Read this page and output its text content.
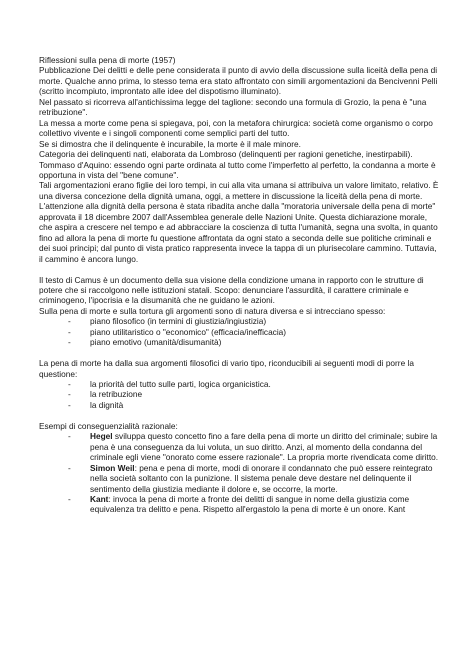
Riflessioni sulla pena di morte (1957)

Pubblicazione Dei delitti e delle pene considerata il punto di avvio della discussione sulla liceità della pena di morte. Qualche anno prima, lo stesso tema era stato affrontato con simili argomentazioni da Bencivenni Pelli (scritto incompiuto, improntato alle idee del dispotismo illuminato).

Nel passato si ricorreva all'antichissima legge del taglione: secondo una formula di Grozio, la pena è "una retribuzione".

La messa a morte come pena si spiegava, poi, con la metafora chirurgica: società come organismo o corpo collettivo vivente e i singoli componenti come semplici parti del tutto.

Se si dimostra che il delinquente è incurabile, la morte è il male minore.

Categoria dei delinquenti nati, elaborata da Lombroso (delinquenti per ragioni genetiche, inestirpabili).

Tommaso d'Aquino: essendo ogni parte ordinata al tutto come l'imperfetto al perfetto, la condanna a morte è opportuna in vista del "bene comune".

Tali argomentazioni erano figlie dei loro tempi, in cui alla vita umana si attribuiva un valore limitato, relativo. È una diversa concezione della dignità umana, oggi, a mettere in discussione la liceità della pena di morte.

L'attenzione alla dignità della persona è stata ribadita anche dalla "moratoria universale della pena di morte" approvata il 18 dicembre 2007 dall'Assemblea generale delle Nazioni Unite. Questa dichiarazione morale, che aspira a crescere nel tempo e ad abbracciare la coscienza di tutta l'umanità, segna una svolta, in quanto fino ad allora la pena di morte fu questione affrontata da ogni stato a seconda delle sue politiche criminali e dei suoi principi; dal punto di vista pratico rappresenta invece la tappa di un plurisecolare cammino. Tuttavia, il cammino è ancora lungo.

Il testo di Camus è un documento della sua visione della condizione umana in rapporto con le strutture di potere che si raccolgono nelle istituzioni statali. Scopo: denunciare l'assurdità, il carattere criminale e criminogeno, l'ipocrisia e la disumanità che ne guidano le azioni.

Sulla pena di morte e sulla tortura gli argomenti sono di natura diversa e si intrecciano spesso:

- piano filosofico (in termini di giustizia/ingiustizia)
- piano utilitaristico o "economico" (efficacia/inefficacia)
- piano emotivo (umanità/disumanità)

La pena di morte ha dalla sua argomenti filosofici di vario tipo, riconducibili ai seguenti modi di porre la questione:

- la priorità del tutto sulle parti, logica organicistica.
- la retribuzione
- la dignità

Esempi di conseguenzialità razionale:

- Hegel sviluppa questo concetto fino a fare della pena di morte un diritto del criminale; subire la pena è una conseguenza da lui voluta, un suo diritto. Anzi, al momento della condanna del criminale egli viene "onorato come essere razionale". La propria morte rivendicata come diritto.
- Simon Weil: pena e pena di morte, modi di onorare il condannato che può essere reintegrato nella società soltanto con la punizione. Il sistema penale deve destare nel delinquente il sentimento della giustizia mediante il dolore e, se occorre, la morte.
- Kant: invoca la pena di morte a fronte dei delitti di sangue in nome della giustizia come equivalenza tra delitto e pena. Rispetto all'ergastolo la pena di morte è un onore. Kant
